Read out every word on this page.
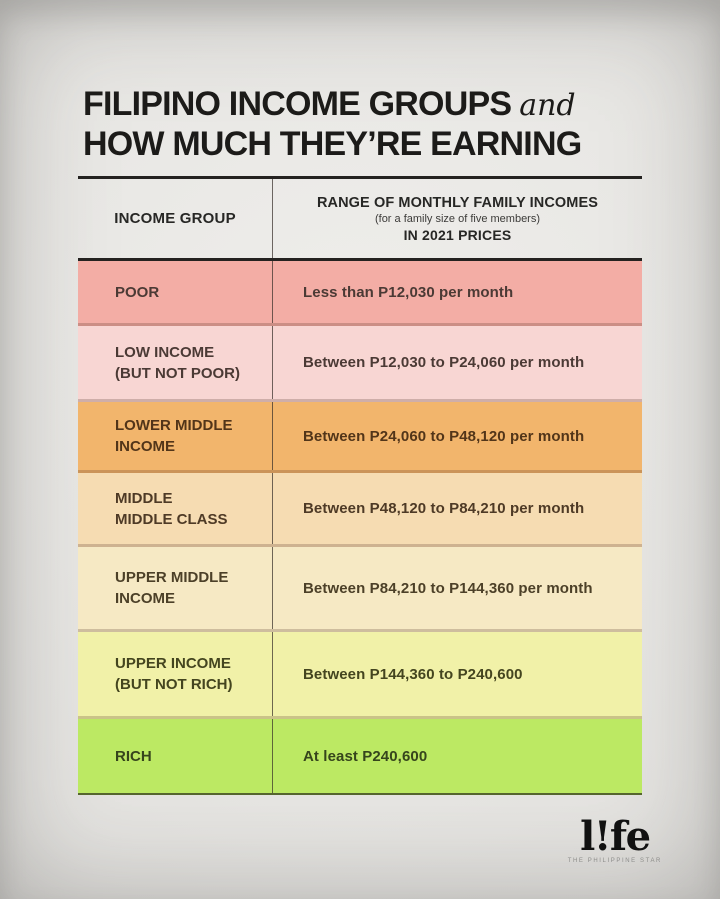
FILIPINO INCOME GROUPS and
HOW MUCH THEY’RE EARNING
INCOME GROUP
RANGE OF MONTHLY FAMILY INCOMES
(for a family size of five members)
IN 2021 PRICES
POOR	Less than P12,030 per month
LOW INCOME
(BUT NOT POOR)
Between P12,030 to P24,060 per month
LOWER MIDDLE
INCOME
Between P24,060 to P48,120 per month
MIDDLE
MIDDLE CLASS
Between P48,120 to P84,210 per month
UPPER MIDDLE
INCOME
Between P84,210 to P144,360 per month
UPPER INCOME
(BUT NOT RICH)
Between P144,360 to P240,600
RICH	At least P240,600
l!fe
THE PHILIPPINE STAR
